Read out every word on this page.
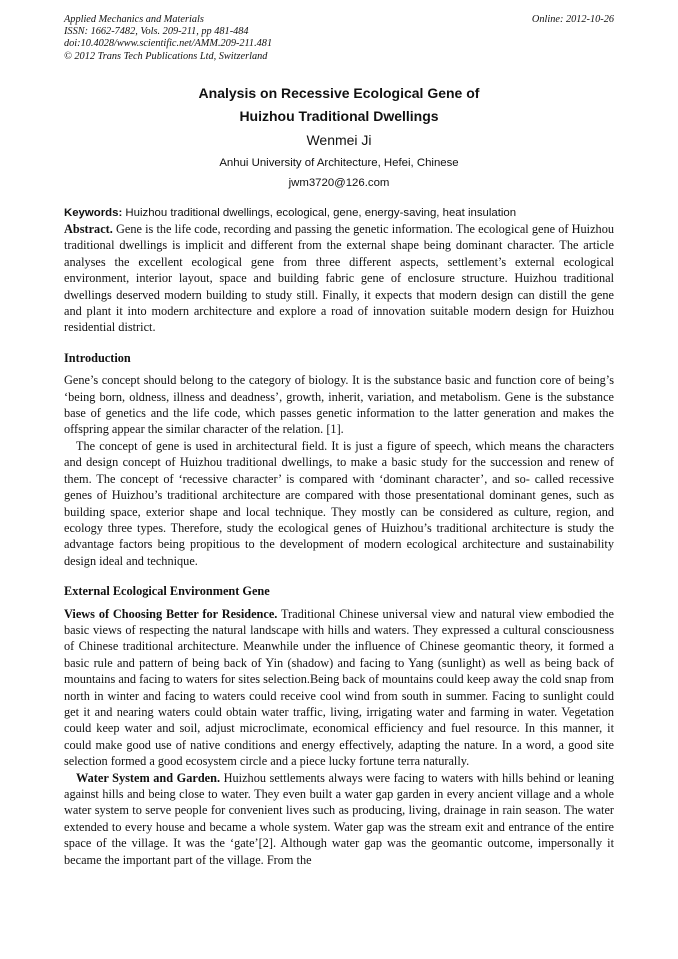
Applied Mechanics and Materials
ISSN: 1662-7482, Vols. 209-211, pp 481-484
doi:10.4028/www.scientific.net/AMM.209-211.481
© 2012 Trans Tech Publications Ltd, Switzerland
Online: 2012-10-26
Analysis on Recessive Ecological Gene of
Huizhou Traditional Dwellings
Wenmei Ji
Anhui University of Architecture, Hefei, Chinese
jwm3720@126.com
Keywords: Huizhou traditional dwellings, ecological, gene, energy-saving, heat insulation

Abstract. Gene is the life code, recording and passing the genetic information. The ecological gene of Huizhou traditional dwellings is implicit and different from the external shape being dominant character. The article analyses the excellent ecological gene from three different aspects, settlement’s external ecological environment, interior layout, space and building fabric gene of enclosure structure. Huizhou traditional dwellings deserved modern building to study still. Finally, it expects that modern design can distill the gene and plant it into modern architecture and explore a road of innovation suitable modern design for Huizhou residential district.

Introduction

Gene’s concept should belong to the category of biology. It is the substance basic and function core of being’s ‘being born, oldness, illness and deadness’, growth, inherit, variation, and metabolism. Gene is the substance base of genetics and the life code, which passes genetic information to the latter generation and makes the offspring appear the similar character of the relation. [1].

The concept of gene is used in architectural field. It is just a figure of speech, which means the characters and design concept of Huizhou traditional dwellings, to make a basic study for the succession and renew of them. The concept of ‘recessive character’ is compared with ‘dominant character’, and so- called recessive genes of Huizhou’s traditional architecture are compared with those presentational dominant genes, such as building space, exterior shape and local technique. They mostly can be considered as culture, region, and ecology three types. Therefore, study the ecological genes of Huizhou’s traditional architecture is study the advantage factors being propitious to the development of modern ecological architecture and sustainability design ideal and technique.

External Ecological Environment Gene

Views of Choosing Better for Residence. Traditional Chinese universal view and natural view embodied the basic views of respecting the natural landscape with hills and waters. They expressed a cultural consciousness of Chinese traditional architecture. Meanwhile under the influence of Chinese geomantic theory, it formed a basic rule and pattern of being back of Yin (shadow) and facing to Yang (sunlight) as well as being back of mountains and facing to waters for sites selection.Being back of mountains could keep away the cold snap from north in winter and facing to waters could receive cool wind from south in summer. Facing to sunlight could get it and nearing waters could obtain water traffic, living, irrigating water and farming in water. Vegetation could keep water and soil, adjust microclimate, economical efficiency and fuel resource. In this manner, it could make good use of native conditions and energy effectively, adapting the nature. In a word, a good site selection formed a good ecosystem circle and a piece lucky fortune terra naturally.

Water System and Garden. Huizhou settlements always were facing to waters with hills behind or leaning against hills and being close to water. They even built a water gap garden in every ancient village and a whole water system to serve people for convenient lives such as producing, living, drainage in rain season. The water extended to every house and became a whole system. Water gap was the stream exit and entrance of the entire space of the village. It was the ‘gate’[2]. Although water gap was the geomantic outcome, impersonally it became the important part of the village. From the
